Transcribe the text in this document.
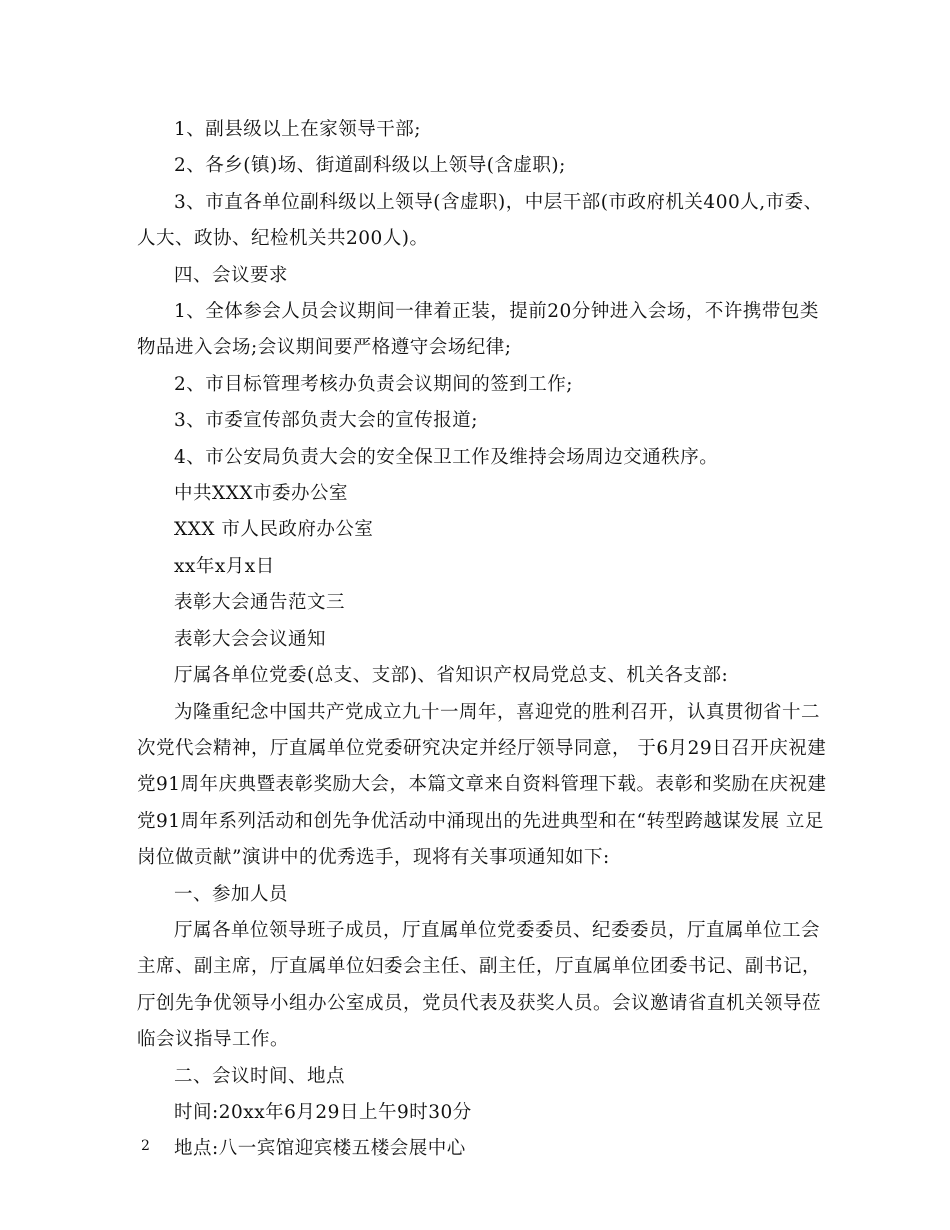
1、副县级以上在家领导干部;

2、各乡(镇)场、街道副科级以上领导(含虚职);

3、市直各单位副科级以上领导(含虚职)，中层干部(市政府机关400人,市委、人大、政协、纪检机关共200人)。

四、会议要求

1、全体参会人员会议期间一律着正装，提前20分钟进入会场，不许携带包类物品进入会场;会议期间要严格遵守会场纪律;

2、市目标管理考核办负责会议期间的签到工作;

3、市委宣传部负责大会的宣传报道;

4、市公安局负责大会的安全保卫工作及维持会场周边交通秩序。

中共XXX市委办公室

XXX 市人民政府办公室

xx年x月x日

表彰大会通告范文三

表彰大会会议通知

厅属各单位党委(总支、支部)、省知识产权局党总支、机关各支部:

为隆重纪念中国共产党成立九十一周年，喜迎党的胜利召开，认真贯彻省十二次党代会精神，厅直属单位党委研究决定并经厅领导同意， 于6月29日召开庆祝建党91周年庆典暨表彰奖励大会，本篇文章来自资料管理下载。表彰和奖励在庆祝建党91周年系列活动和创先争优活动中涌现出的先进典型和在“转型跨越谋发展 立足岗位做贡献”演讲中的优秀选手，现将有关事项通知如下:

一、参加人员

厅属各单位领导班子成员，厅直属单位党委委员、纪委委员，厅直属单位工会主席、副主席，厅直属单位妇委会主任、副主任，厅直属单位团委书记、副书记，厅创先争优领导小组办公室成员，党员代表及获奖人员。会议邀请省直机关领导莅临会议指导工作。

二、会议时间、地点

时间:20xx年6月29日上午9时30分

地点:八一宾馆迎宾楼五楼会展中心

2
